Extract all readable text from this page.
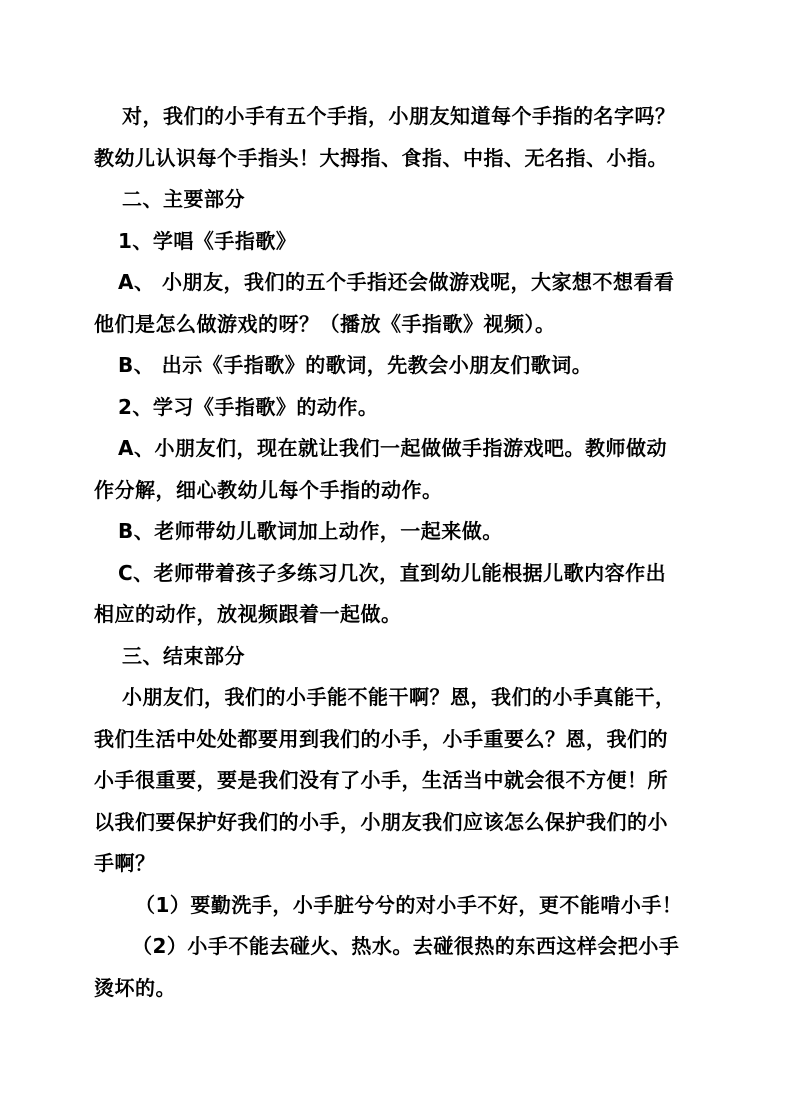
对，我们的小手有五个手指，小朋友知道每个手指的名字吗？
教幼儿认识每个手指头！大拇指、食指、中指、无名指、小指。
二、主要部分
1、学唱《手指歌》
A、 小朋友，我们的五个手指还会做游戏呢，大家想不想看看
他们是怎么做游戏的呀？（播放《手指歌》视频）。
B、 出示《手指歌》的歌词，先教会小朋友们歌词。
2、学习《手指歌》的动作。
A、小朋友们，现在就让我们一起做做手指游戏吧。教师做动
作分解，细心教幼儿每个手指的动作。
B、老师带幼儿歌词加上动作，一起来做。
C、老师带着孩子多练习几次，直到幼儿能根据儿歌内容作出
相应的动作，放视频跟着一起做。
三、结束部分
小朋友们，我们的小手能不能干啊？恩，我们的小手真能干，
我们生活中处处都要用到我们的小手，小手重要么？恩，我们的
小手很重要，要是我们没有了小手，生活当中就会很不方便！所
以我们要保护好我们的小手，小朋友我们应该怎么保护我们的小
手啊？
（1）要勤洗手，小手脏兮兮的对小手不好，更不能啃小手！
（2）小手不能去碰火、热水。去碰很热的东西这样会把小手
烫坏的。
